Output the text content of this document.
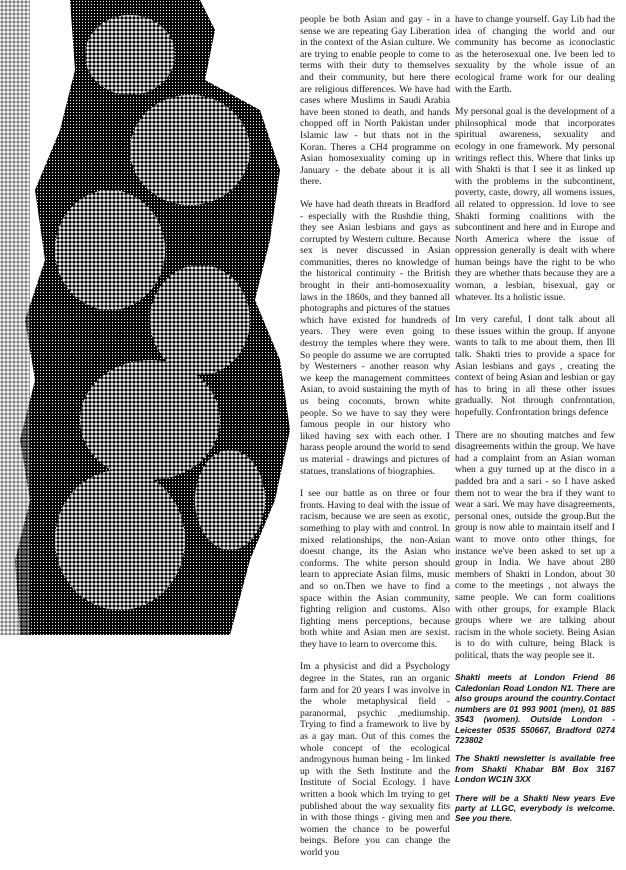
people be both Asian and gay - in a sense we are repeating Gay Liberation in the context of the Asian culture. We are trying to enable people to come to terms with their duty to themselves and their community, but here there are religious differences. We have had cases where Muslims in Saudi Arabia have been stoned to death, and hands chopped off in North Pakistan under Islamic law - but thats not in the Koran. Theres a CH4 programme on Asian homosexuality coming up in January - the debate about it is all there.

We have had death threats in Bradford - especially with the Rushdie thing, they see Asian lesbians and gays as corrupted by Western culture. Because sex is never discussed in Asian communities, theres no knowledge of the historical continuity - the British brought in their anti-homosexuality laws in the 1860s, and they banned all photographs and pictures of the statues which have existed for hundreds of years. They were even going to destroy the temples where they were. So people do assume we are corrupted by Westerners - another reason why we keep the management committees Asian, to avoid sustaining the myth of us being coconuts, brown white people. So we have to say they were famous people in our history who liked having sex with each other. I harass people around the world to send us material - drawings and pictures of statues, translations of biographies.

I see our battle as on three or four fronts. Having to deal with the issue of racism, because we are seen as exotic, something to play with and control. In mixed relationships, the non-Asian doesnt change, its the Asian who conforms. The white person should learn to appreciate Asian films, music and so on.Then we have to find a space within the Asian community, fighting religion and customs. Also fighting mens perceptions, because both white and Asian men are sexist. they have to learn to overcome this.

Im a physicist and did a Psychology degree in the States, ran an organic farm and for 20 years I was involve in the whole metaphysical field - paranormal, psychic ,mediumship. Trying to find a framework to live by as a gay man. Out of this comes the whole concept of the ecological androgynous human being - Im linked up with the Seth Institute and the Institute of Social Ecology. I have written a book which Im trying to get published about the way sexuality fits in with those things - giving men and women the chance to be powerful beings. Before you can change the world you

have to change yourself. Gay Lib had the idea of changing the world and our community has become as iconoclastic as the heterosexual one. Ive been led to sexuality by the whole issue of an ecological frame work for our dealing with the Earth.

My personal goal is the development of a philosophical mode that incorporates spiritual awareness, sexuality and ecology in one framework. My personal writings reflect this. Where that links up with Shakti is that I see it as linked up with the problems in the subcontinent, poverty, caste, dowry, all womens issues, all related to oppression. Id love to see Shakti forming coalitions with the subcontinent and here and in Europe and North America where the issue of oppression generally is dealt with where human beings have the right to be who they are whether thats because they are a woman, a lesbian, bisexual, gay or whatever. Its a holistic issue.

Im very careful, I dont talk about all these issues within the group. If anyone wants to talk to me about them, then Ill talk. Shakti tries to provide a space for Asian lesbians and gays , creating the context of being Asian and lesbian or gay has to bring in all these other issues gradually. Not through confrontation, hopefully. Confrontation brings defence

There are no shouting matches and few disagreements within the group. We have had a complaint from an Asian woman when a guy turned up at the disco in a padded bra and a sari - so I have asked them not to wear the bra if they want to wear a sari. We may have disagreements, personal ones, outside the group.But the group is now able to maintain itself and I want to move onto other things, for instance we've been asked to set up a group in India. We have about 280 members of Shakti in London, about 30 come to the meetings , not always the same people. We can form coalitions with other groups, for example Black groups where we are talking about racism in the whole society. Being Asian is to do with culture, being Black is political, thats the way people see it.

Shakti meets at London Friend 86 Caledonian Road London N1. There are also groups around the country.Contact numbers are 01 993 9001 (men), 01 885 3543 (women). Outside London - Leicester 0535 550667, Bradford 0274 723802

The Shakti newsletter is available free from Shakti Khabar BM Box 3167 London WC1N 3XX

There will be a Shakti New years Eve party at LLGC, everybody is welcome. See you there.
